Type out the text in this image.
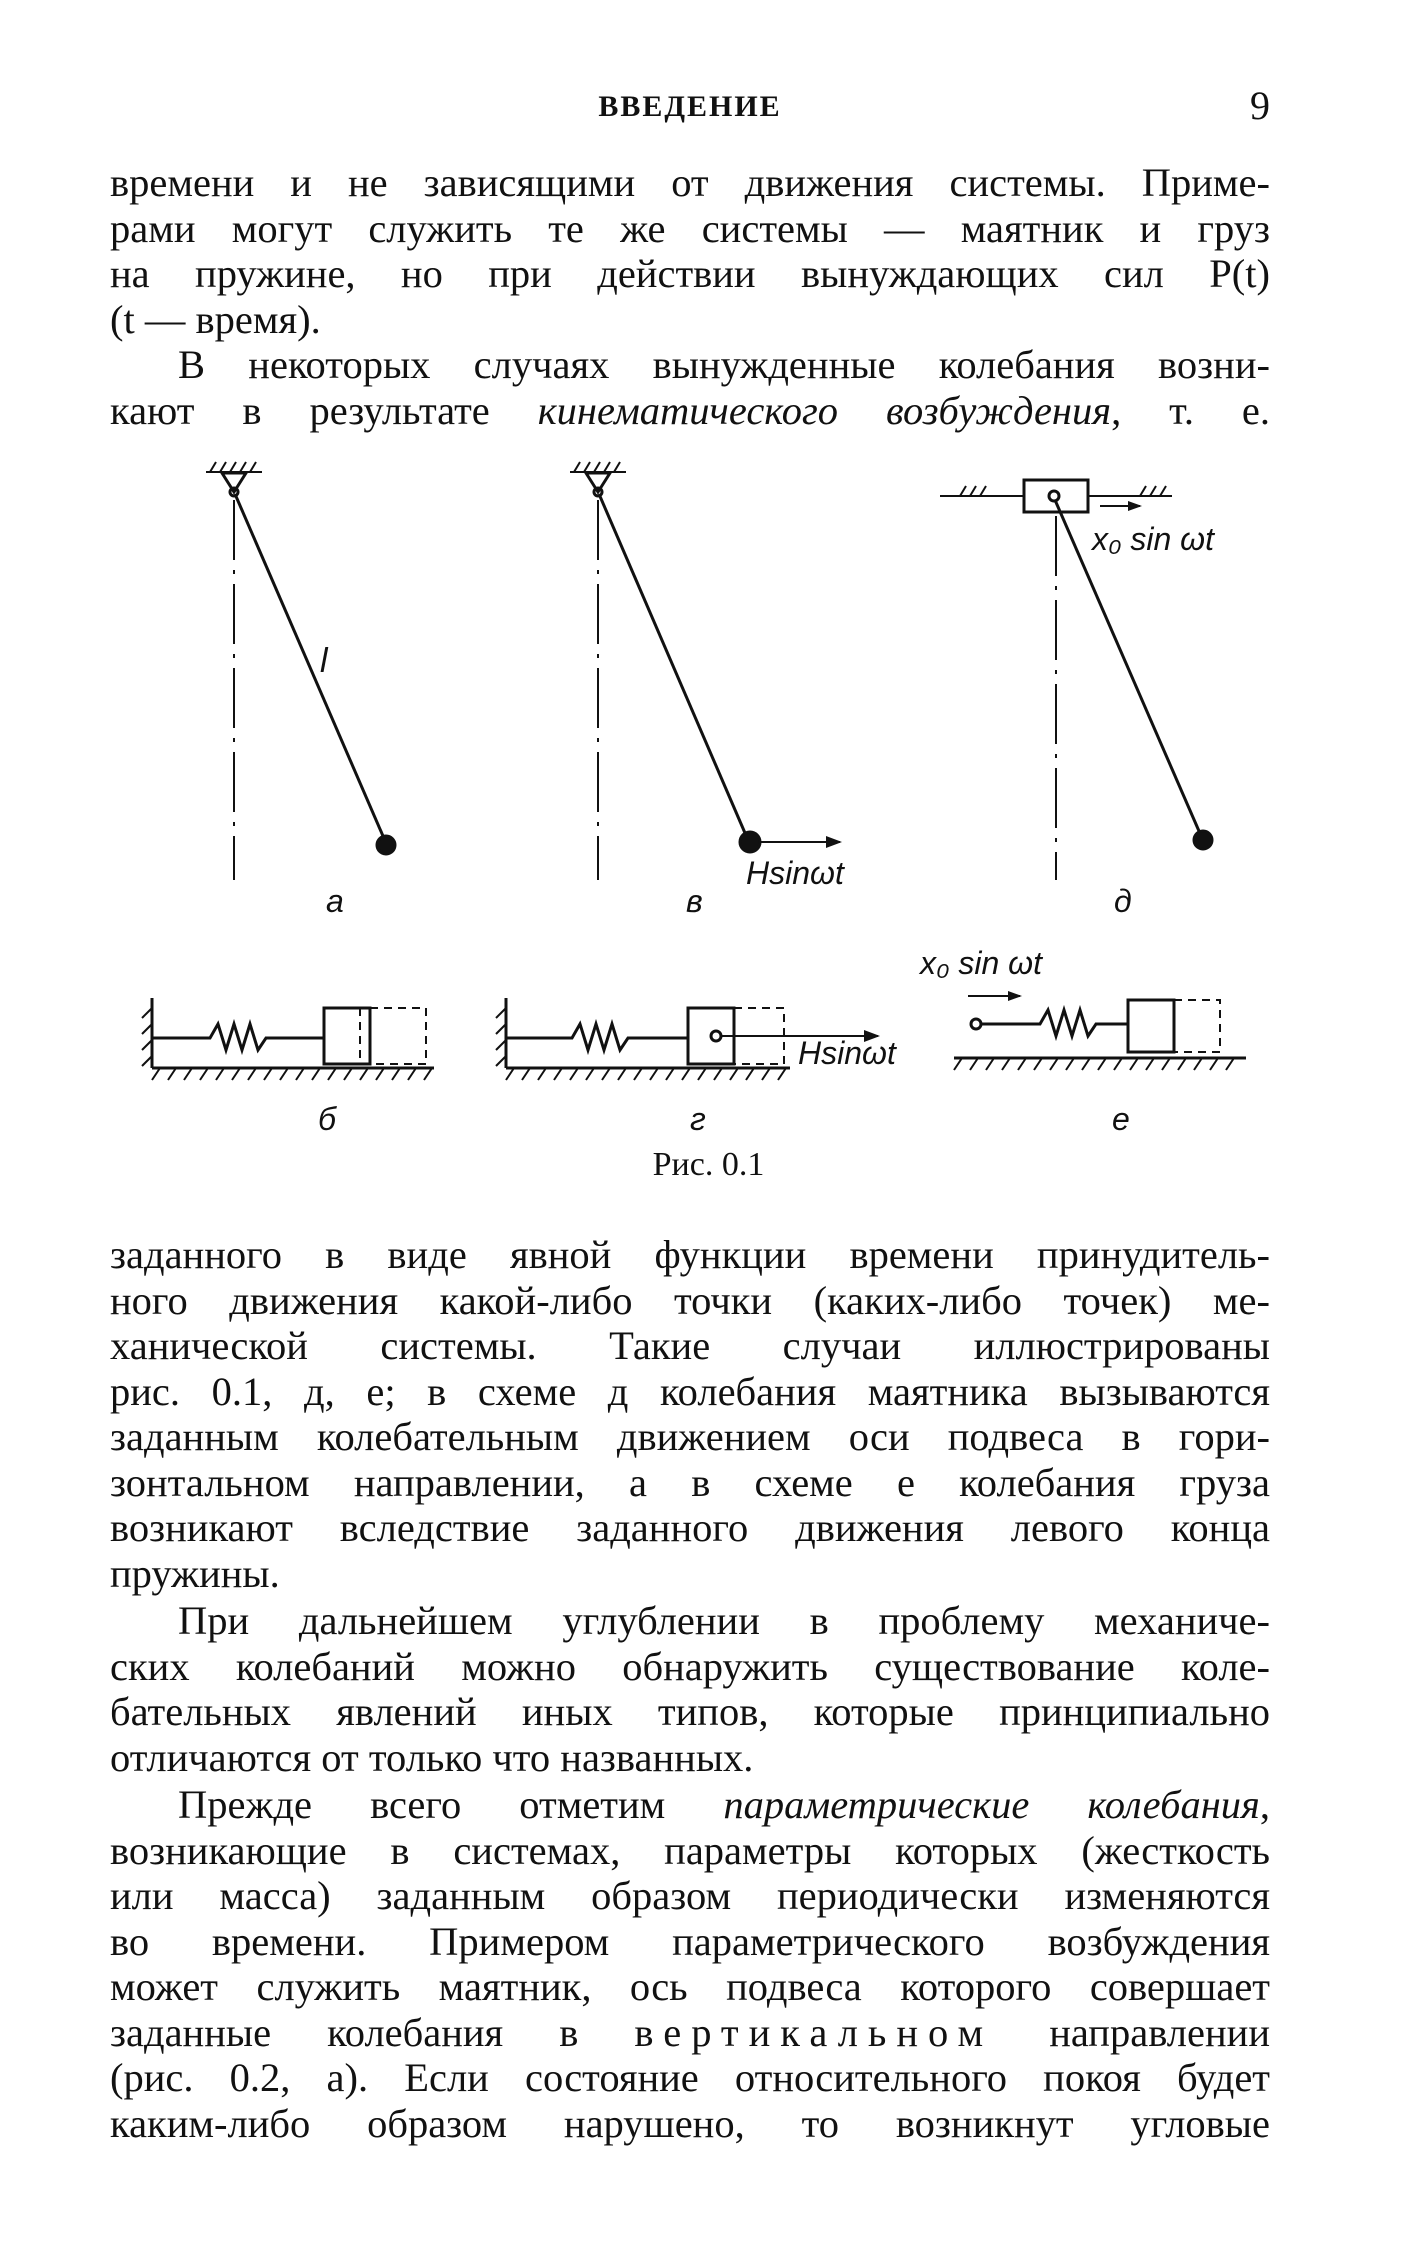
ВВЕДЕНИЕ	9
времени и не зависящими от движения системы. Приме-
рами могут служить те же системы — маятник и груз
на пружине, но при действии вынуждающих сил P(t)
(t — время).
В некоторых случаях вынужденные колебания возни-
кают в результате кинематического возбуждения, т. е.
l
а
Hsinωt
в
x₀ sin ωt
д
б
Hsinωt
г
x₀ sin ωt
е
Рис. 0.1
заданного в виде явной функции времени принудитель-
ного движения какой-либо точки (каких-либо точек) ме-
ханической системы. Такие случаи иллюстрированы
рис. 0.1, д, е; в схеме д колебания маятника вызываются
заданным колебательным движением оси подвеса в гори-
зонтальном направлении, а в схеме е колебания груза
возникают вследствие заданного движения левого конца
пружины.
При дальнейшем углублении в проблему механиче-
ских колебаний можно обнаружить существование коле-
бательных явлений иных типов, которые принципиально
отличаются от только что названных.
Прежде всего отметим параметрические колебания,
возникающие в системах, параметры которых (жесткость
или масса) заданным образом периодически изменяются
во времени. Примером параметрического возбуждения
может служить маятник, ось подвеса которого совершает
заданные колебания в вертикальном направлении
(рис. 0.2, а). Если состояние относительного покоя будет
каким-либо образом нарушено, то возникнут угловые
